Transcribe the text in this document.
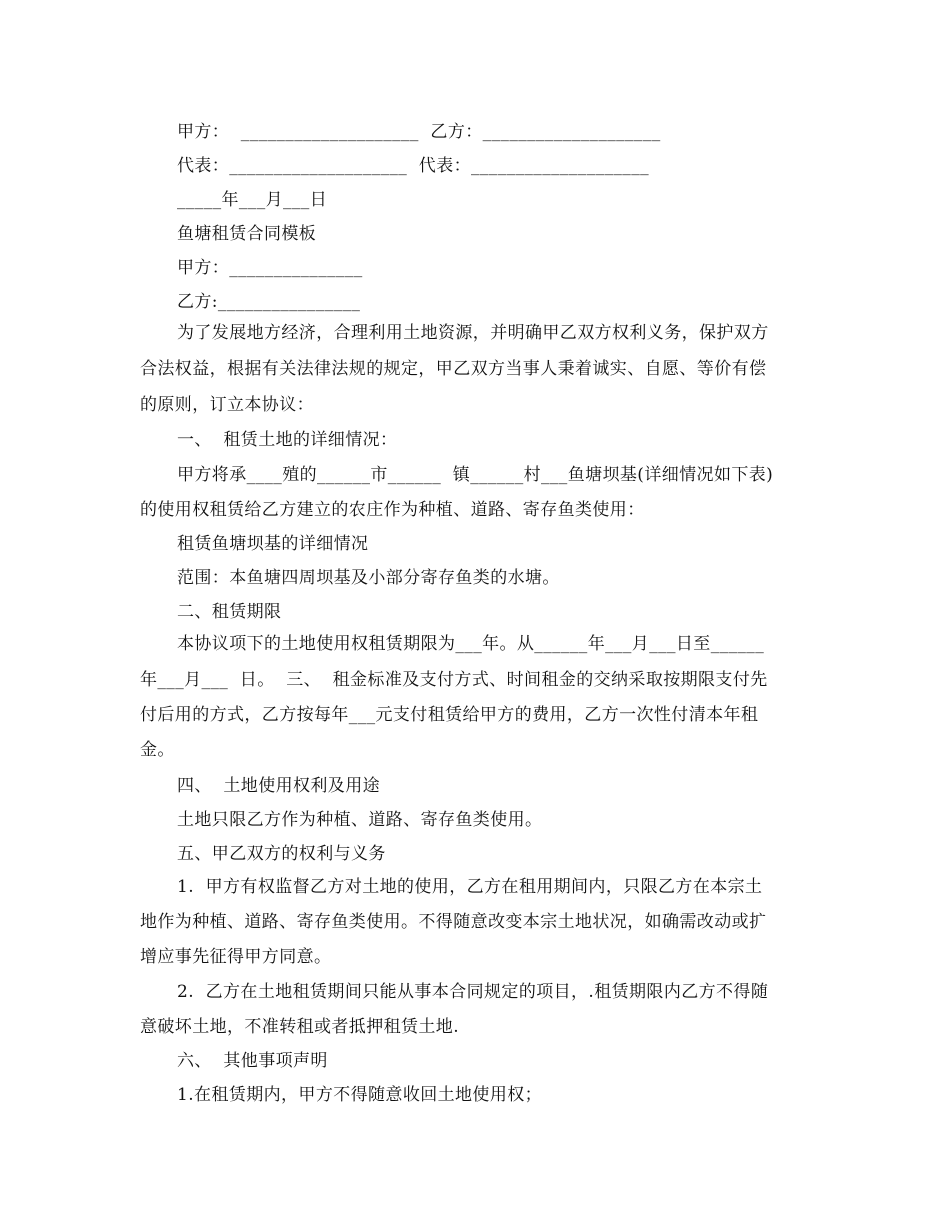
甲方：  ____________________  乙方：____________________
代表：____________________  代表：____________________
_____年___月___日
鱼塘租赁合同模板
甲方：_______________
乙方:________________
为了发展地方经济，合理利用土地资源，并明确甲乙双方权利义务，保护双方
合法权益，根据有关法律法规的规定，甲乙双方当事人秉着诚实、自愿、等价有偿
的原则，订立本协议：
一、  租赁土地的详细情况：
甲方将承____殖的______市______  镇______村___鱼塘坝基(详细情况如下表)
的使用权租赁给乙方建立的农庄作为种植、道路、寄存鱼类使用：
租赁鱼塘坝基的详细情况
范围：本鱼塘四周坝基及小部分寄存鱼类的水塘。
二、租赁期限
本协议项下的土地使用权租赁期限为___年。从______年___月___日至______
年___月___  日。  三、  租金标准及支付方式、时间租金的交纳采取按期限支付先
付后用的方式，乙方按每年___元支付租赁给甲方的费用，乙方一次性付清本年租
金。
四、  土地使用权利及用途
土地只限乙方作为种植、道路、寄存鱼类使用。
五、甲乙双方的权利与义务
1.  甲方有权监督乙方对土地的使用，乙方在租用期间内，只限乙方在本宗土
地作为种植、道路、寄存鱼类使用。不得随意改变本宗土地状况，如确需改动或扩
增应事先征得甲方同意。
2.  乙方在土地租赁期间只能从事本合同规定的项目，.租赁期限内乙方不得随
意破坏土地，不准转租或者抵押租赁土地.
六、  其他事项声明
1.在租赁期内，甲方不得随意收回土地使用权；
